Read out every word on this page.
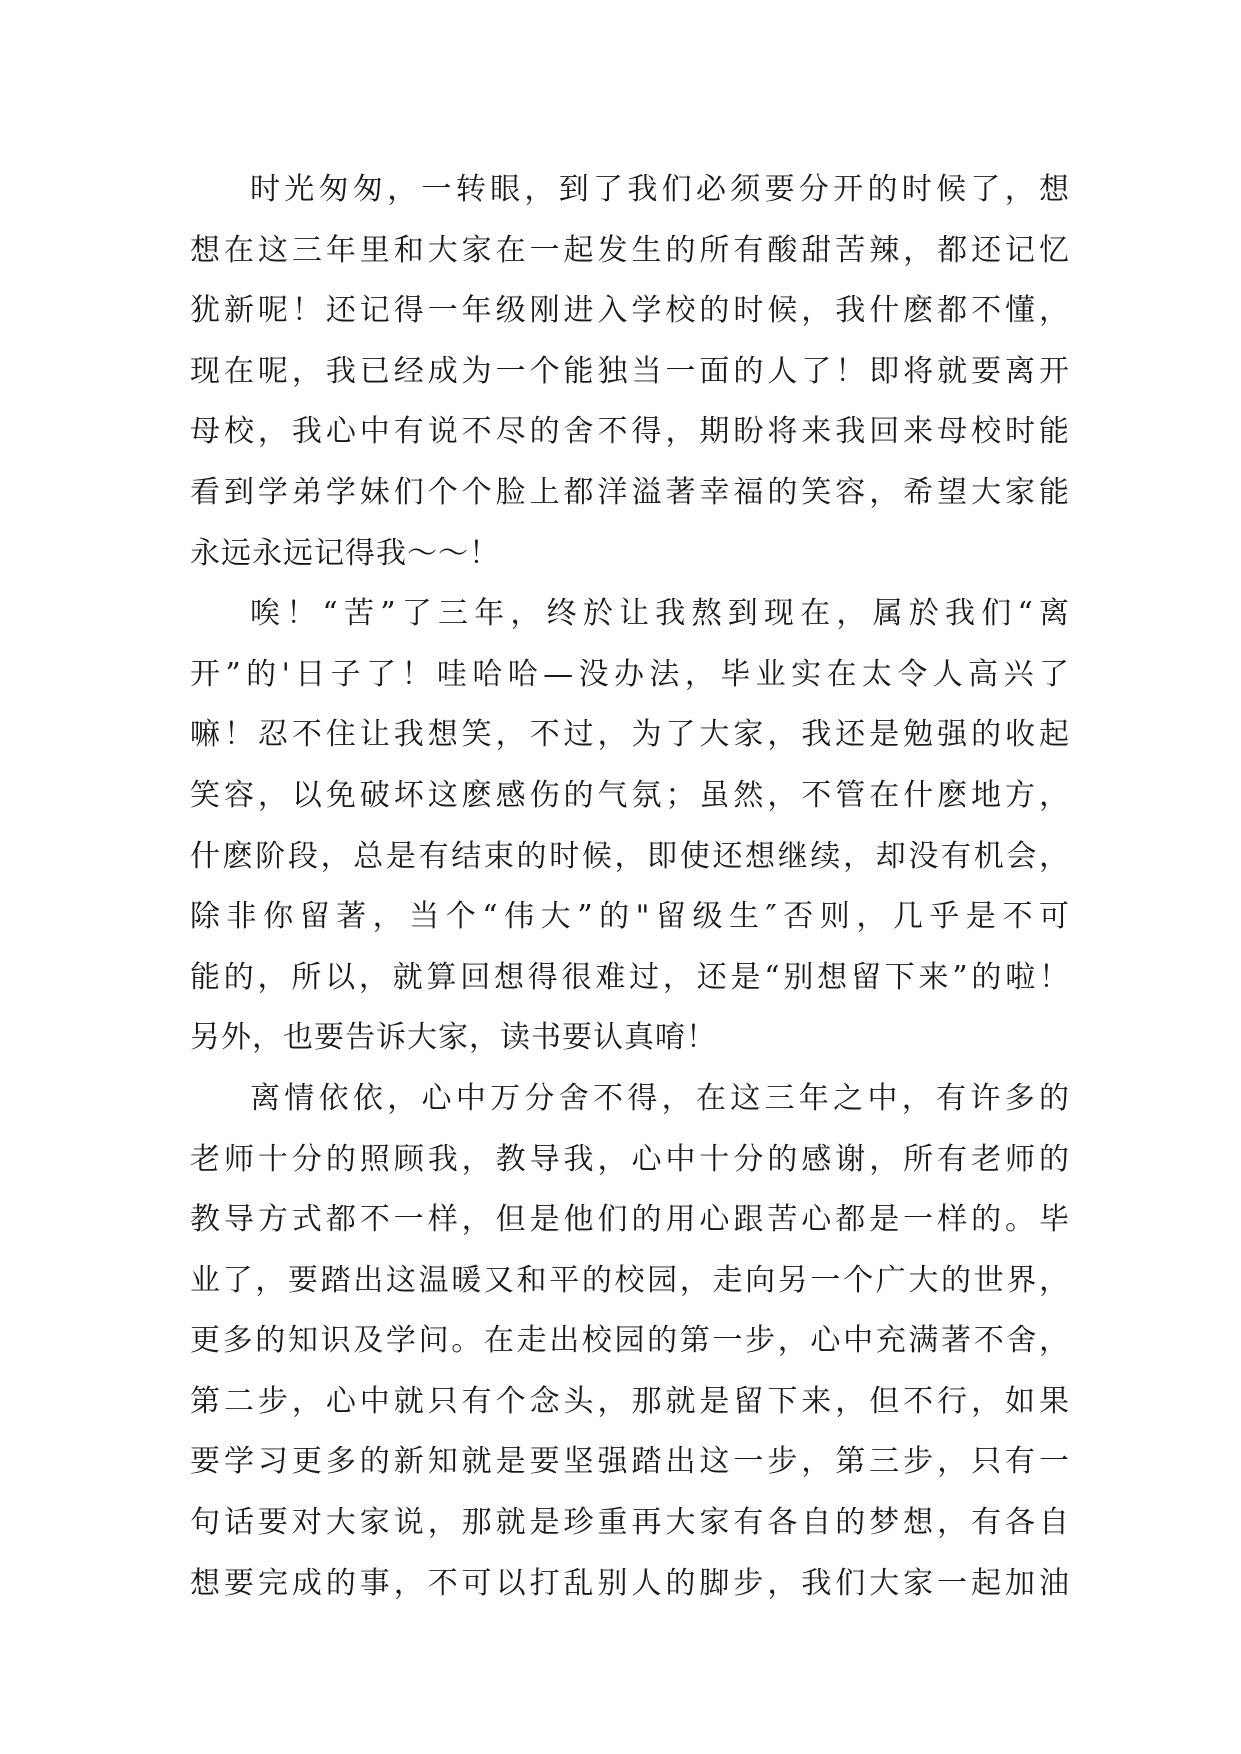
时光匆匆，一转眼，到了我们必须要分开的时候了，想
想在这三年里和大家在一起发生的所有酸甜苦辣，都还记忆
犹新呢！还记得一年级刚进入学校的时候，我什麽都不懂，
现在呢，我已经成为一个能独当一面的人了！即将就要离开
母校，我心中有说不尽的舍不得，期盼将来我回来母校时能
看到学弟学妹们个个脸上都洋溢著幸福的笑容，希望大家能
永远永远记得我～～！
唉！“苦”了三年，终於让我熬到现在，属於我们“离
开”的'日子了！哇哈哈—没办法，毕业实在太令人高兴了
嘛！忍不住让我想笑，不过，为了大家，我还是勉强的收起
笑容，以免破坏这麽感伤的气氛；虽然，不管在什麽地方，
什麽阶段，总是有结束的时候，即使还想继续，却没有机会，
除非你留著，当个“伟大”的"留级生″否则，几乎是不可
能的，所以，就算回想得很难过，还是“别想留下来”的啦！
另外，也要告诉大家，读书要认真唷！
离情依依，心中万分舍不得，在这三年之中，有许多的
老师十分的照顾我，教导我，心中十分的感谢，所有老师的
教导方式都不一样，但是他们的用心跟苦心都是一样的。毕
业了，要踏出这温暖又和平的校园，走向另一个广大的世界，
更多的知识及学问。在走出校园的第一步，心中充满著不舍，
第二步，心中就只有个念头，那就是留下来，但不行，如果
要学习更多的新知就是要坚强踏出这一步，第三步，只有一
句话要对大家说，那就是珍重再大家有各自的梦想，有各自
想要完成的事，不可以打乱别人的脚步，我们大家一起加油
